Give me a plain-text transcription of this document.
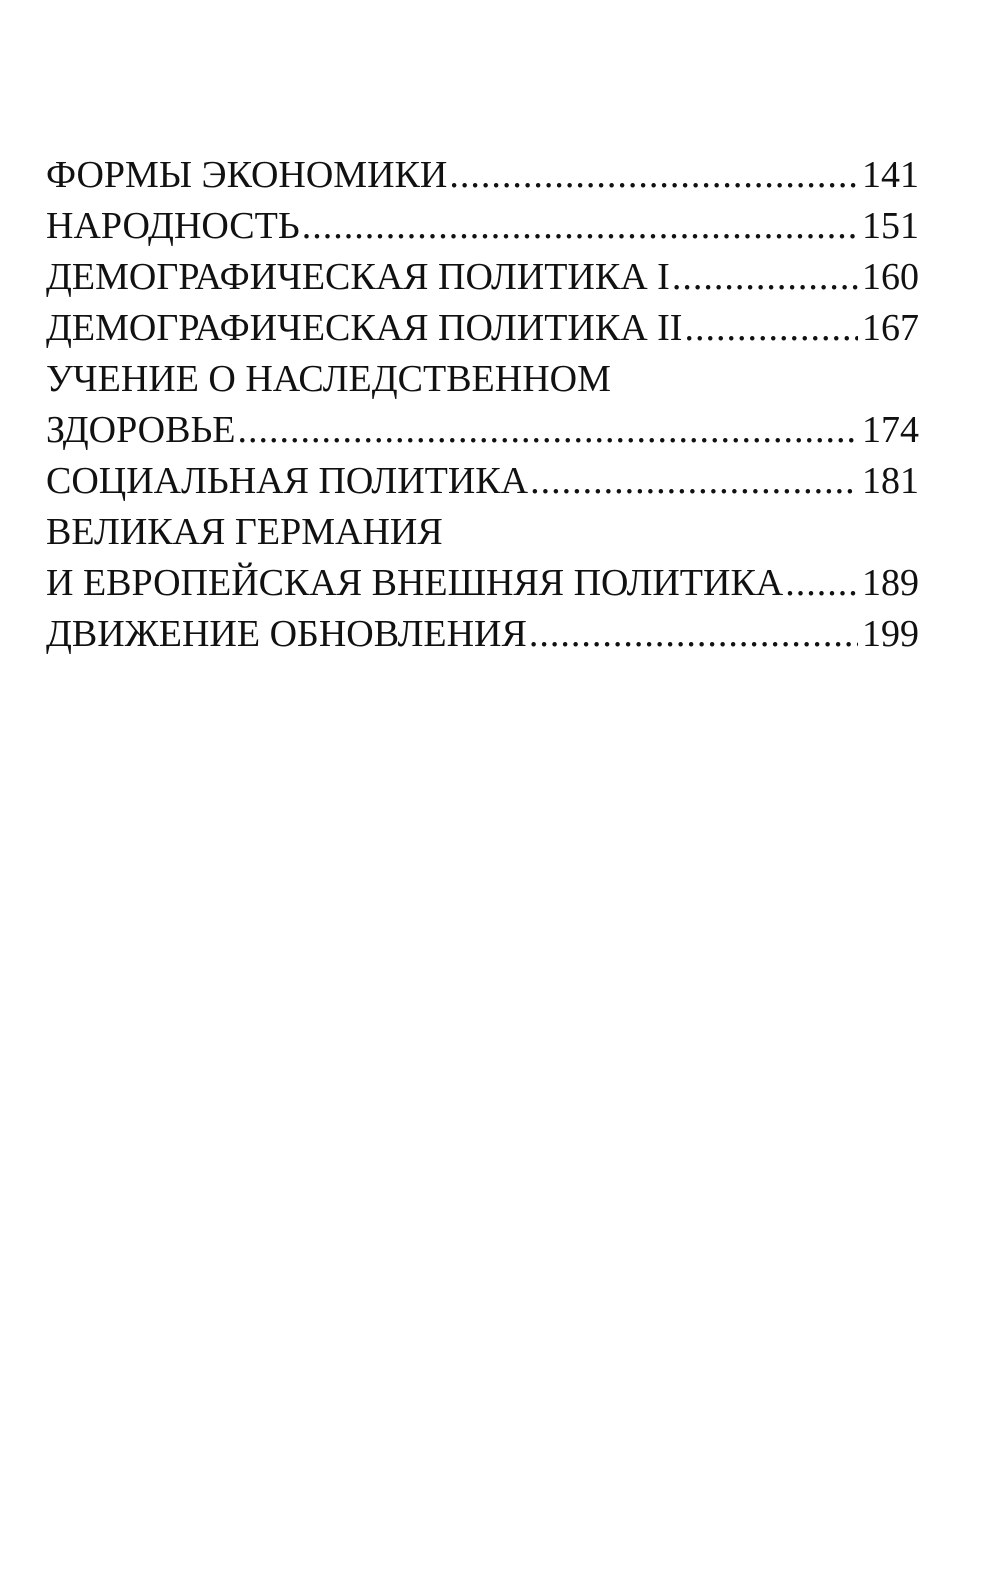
ФОРМЫ ЭКОНОМИКИ .....	141
НАРОДНОСТЬ .....	151
ДЕМОГРАФИЧЕСКАЯ ПОЛИТИКА I .....	160
ДЕМОГРАФИЧЕСКАЯ ПОЛИТИКА II .....	167
УЧЕНИЕ О НАСЛЕДСТВЕННОМ
ЗДОРОВЬЕ .....	174
СОЦИАЛЬНАЯ ПОЛИТИКА .....	181
ВЕЛИКАЯ ГЕРМАНИЯ
И ЕВРОПЕЙСКАЯ ВНЕШНЯЯ ПОЛИТИКА ..... 189
ДВИЖЕНИЕ ОБНОВЛЕНИЯ .....	199
